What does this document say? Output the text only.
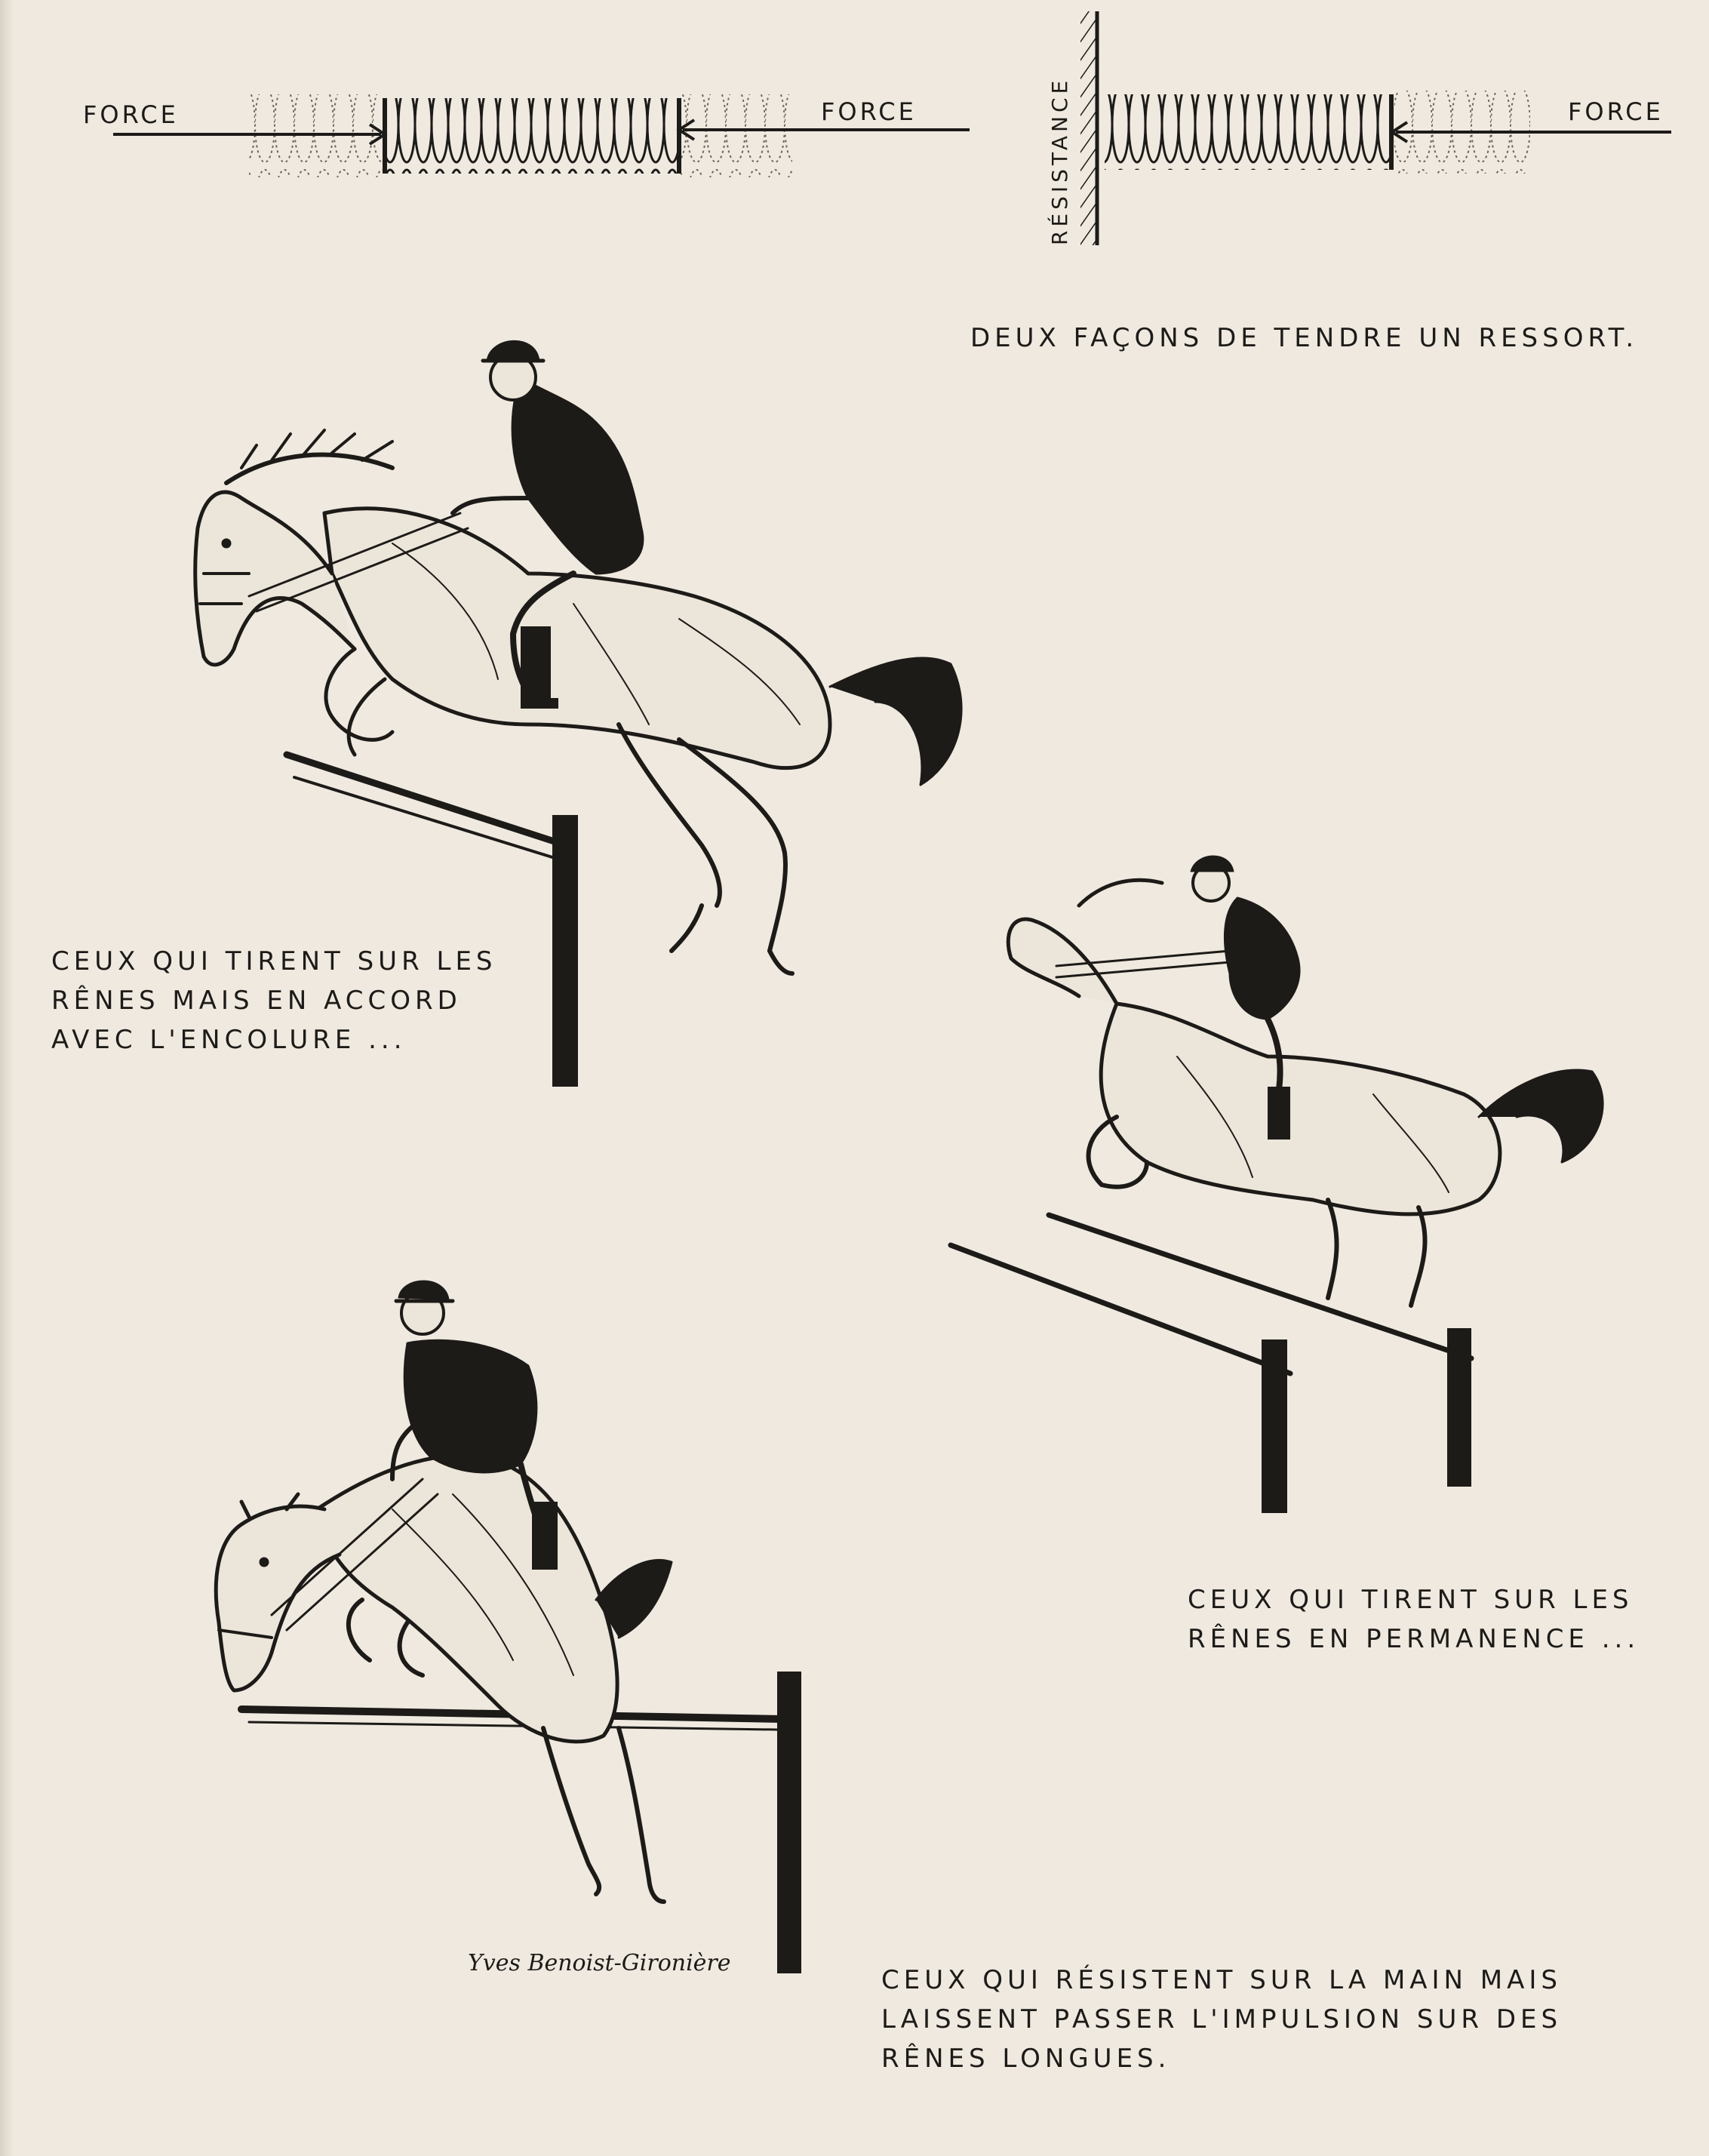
FORCE	FORCE	RÉSISTANCE	FORCE
DEUX FAÇONS DE TENDRE UN RESSORT.
CEUX QUI TIRENT SUR LES
RÊNES MAIS EN ACCORD
AVEC L'ENCOLURE ...
CEUX QUI TIRENT SUR LES
RÊNES EN PERMANENCE ...
CEUX QUI RÉSISTENT SUR LA MAIN MAIS
LAISSENT PASSER L'IMPULSION SUR DES
RÊNES LONGUES.
Yves Benoist-Gironière
